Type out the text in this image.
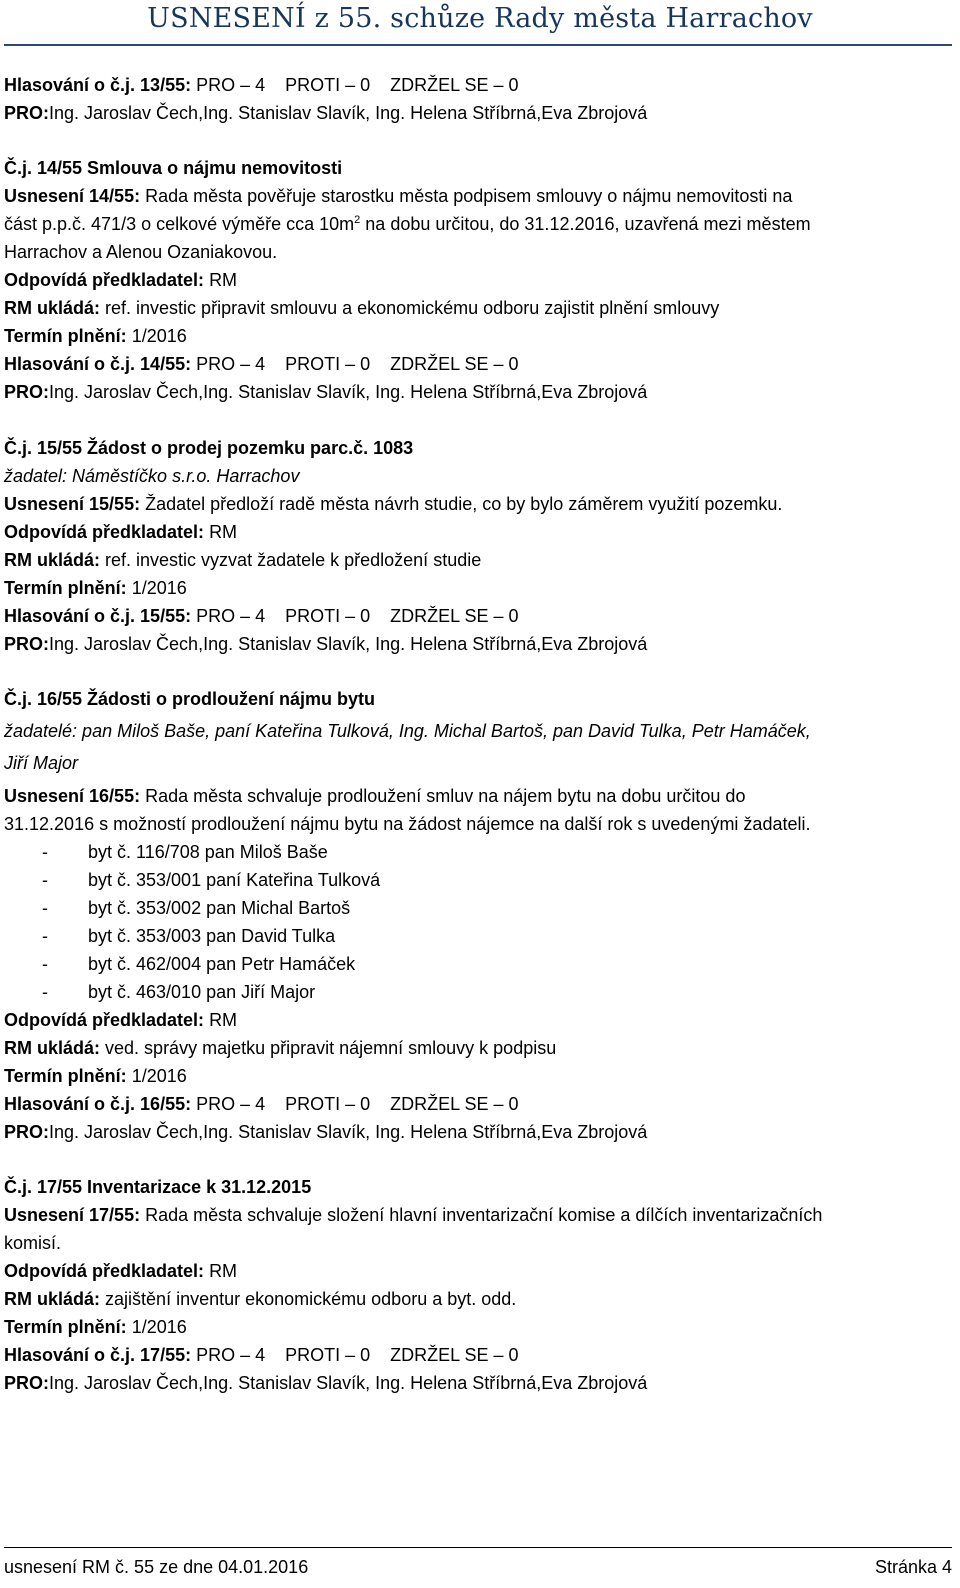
USNESENÍ z 55. schůze Rady města Harrachov
Hlasování o č.j. 13/55: PRO – 4    PROTI – 0    ZDRŽEL SE – 0
PRO:Ing. Jaroslav Čech,Ing. Stanislav Slavík, Ing. Helena Stříbrná,Eva Zbrojová
Č.j. 14/55 Smlouva o nájmu nemovitosti
Usnesení 14/55: Rada města pověřuje starostku města podpisem smlouvy o nájmu nemovitosti na
část p.p.č. 471/3 o celkové výměře cca $10m^2$ na dobu určitou, do 31.12.2016, uzavřená mezi městem
Harrachov a Alenou Ozaniakovou.
Odpovídá předkladatel: RM
RM ukládá: ref. investic připravit smlouvu a ekonomickému odboru zajistit plnění smlouvy
Termín plnění: 1/2016
Hlasování o č.j. 14/55: PRO – 4    PROTI – 0    ZDRŽEL SE – 0
PRO:Ing. Jaroslav Čech,Ing. Stanislav Slavík, Ing. Helena Stříbrná,Eva Zbrojová
Č.j. 15/55 Žádost o prodej pozemku parc.č. 1083
žadatel: Náměstíčko s.r.o. Harrachov
Usnesení 15/55: Žadatel předloží radě města návrh studie, co by bylo záměrem využití pozemku.
Odpovídá předkladatel: RM
RM ukládá: ref. investic vyzvat žadatele k předložení studie
Termín plnění: 1/2016
Hlasování o č.j. 15/55: PRO – 4    PROTI – 0    ZDRŽEL SE – 0
PRO:Ing. Jaroslav Čech,Ing. Stanislav Slavík, Ing. Helena Stříbrná,Eva Zbrojová
Č.j. 16/55 Žádosti o prodloužení nájmu bytu
žadatelé: pan Miloš Baše, paní Kateřina Tulková, Ing. Michal Bartoš, pan David Tulka, Petr Hamáček,
Jiří Major
Usnesení 16/55: Rada města schvaluje prodloužení smluv na nájem bytu na dobu určitou do
31.12.2016 s možností prodloužení nájmu bytu na žádost nájemce na další rok s uvedenými žadateli.
- byt č. 116/708 pan Miloš Baše
- byt č. 353/001 paní Kateřina Tulková
- byt č. 353/002 pan Michal Bartoš
- byt č. 353/003 pan David Tulka
- byt č. 462/004 pan Petr Hamáček
- byt č. 463/010 pan Jiří Major
Odpovídá předkladatel: RM
RM ukládá: ved. správy majetku připravit nájemní smlouvy k podpisu
Termín plnění: 1/2016
Hlasování o č.j. 16/55: PRO – 4    PROTI – 0    ZDRŽEL SE – 0
PRO:Ing. Jaroslav Čech,Ing. Stanislav Slavík, Ing. Helena Stříbrná,Eva Zbrojová
Č.j. 17/55 Inventarizace k 31.12.2015
Usnesení 17/55: Rada města schvaluje složení hlavní inventarizační komise a dílčích inventarizačních
komisí.
Odpovídá předkladatel: RM
RM ukládá: zajištění inventur ekonomickému odboru a byt. odd.
Termín plnění: 1/2016
Hlasování o č.j. 17/55: PRO – 4    PROTI – 0    ZDRŽEL SE – 0
PRO:Ing. Jaroslav Čech,Ing. Stanislav Slavík, Ing. Helena Stříbrná,Eva Zbrojová
usnesení RM č. 55 ze dne 04.01.2016	Stránka 4
